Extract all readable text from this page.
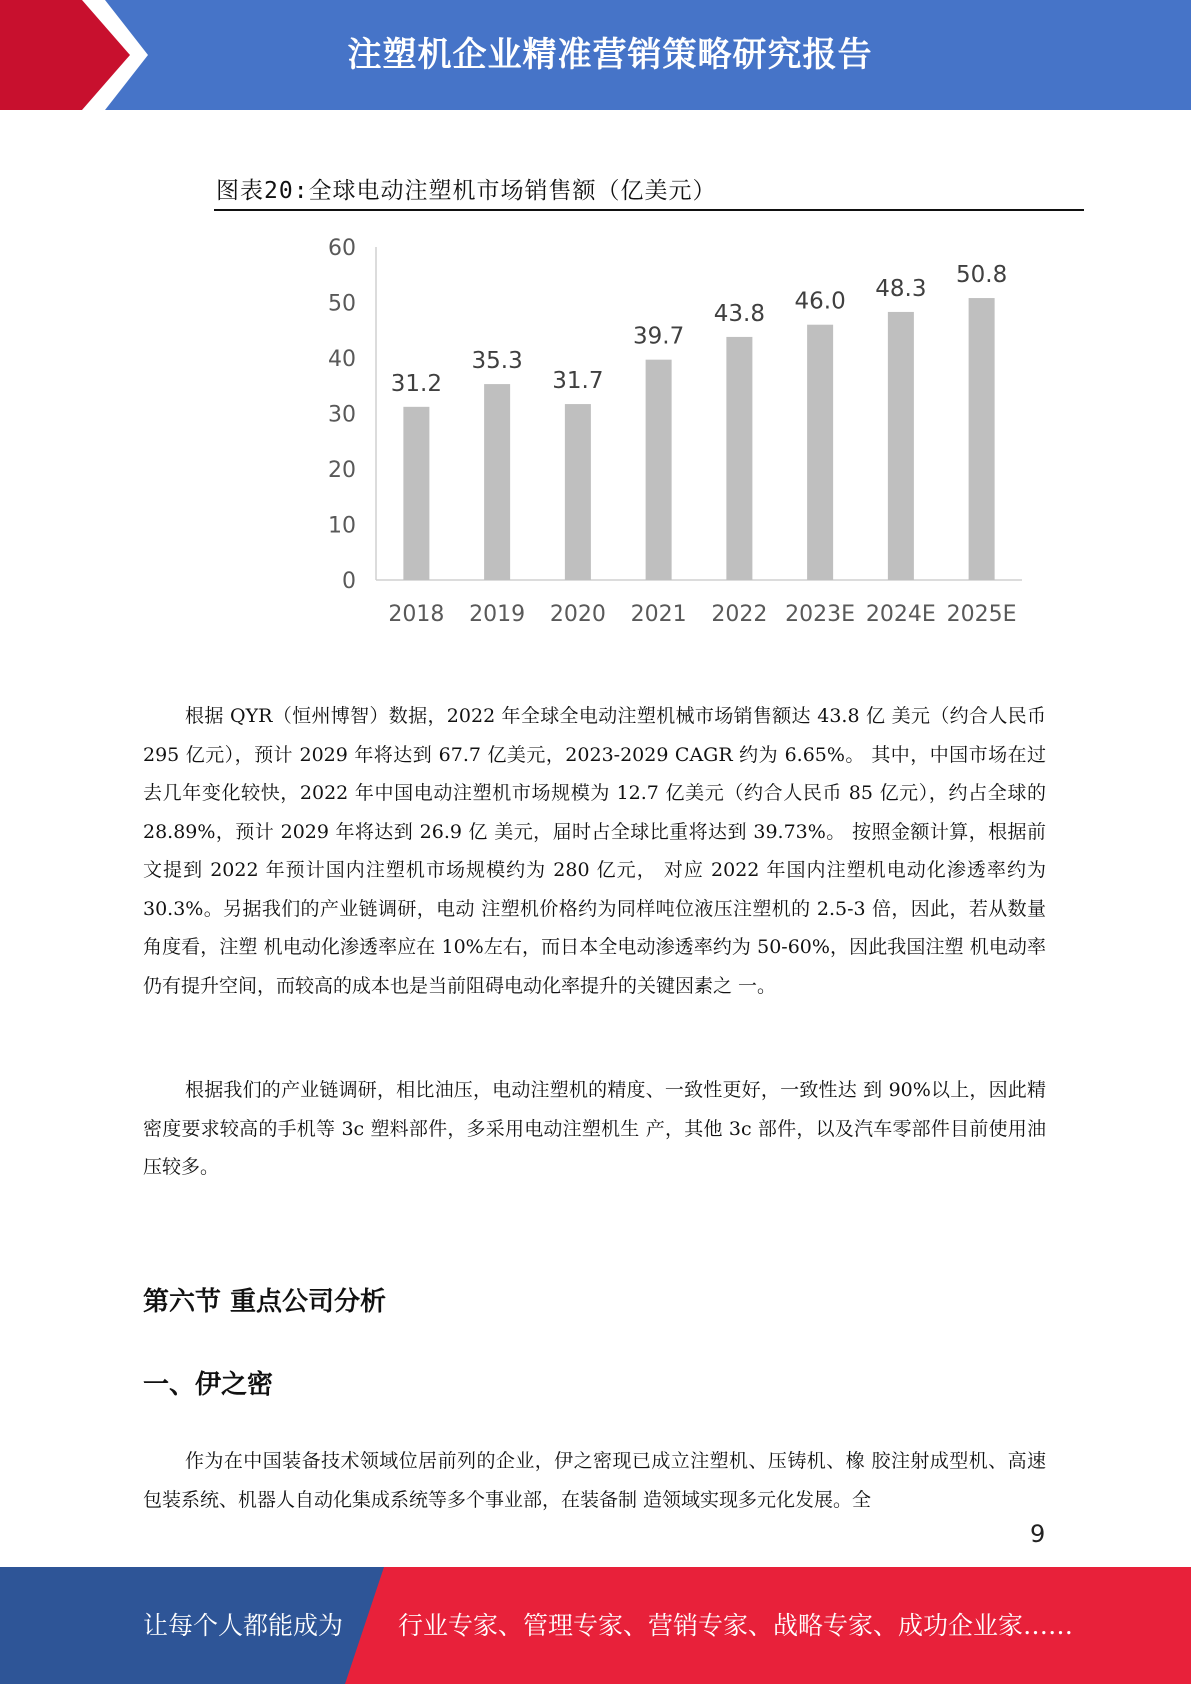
注塑机企业精准营销策略研究报告
图表20:全球电动注塑机市场销售额（亿美元）
0
10
20
30
40
50
60
31.2
2018
35.3
2019
31.7
2020
39.7
2021
43.8
2022
46.0
2023E
48.3
2024E
50.8
2025E

根据 QYR（恒州博智）数据，2022 年全球全电动注塑机械市场销售额达 43.8 亿 美元（约合人民币 295 亿元），预计 2029 年将达到 67.7 亿美元，2023-2029 CAGR 约为 6.65%。 其中，中国市场在过去几年变化较快，2022 年中国电动注塑机市场规模为 12.7 亿美元（约合人民币 85 亿元），约占全球的 28.89%，预计 2029 年将达到 26.9 亿 美元，届时占全球比重将达到 39.73%。 按照金额计算，根据前文提到 2022 年预计国内注塑机市场规模约为 280 亿元， 对应 2022 年国内注塑机电动化渗透率约为 30.3%。另据我们的产业链调研，电动 注塑机价格约为同样吨位液压注塑机的 2.5-3 倍，因此，若从数量角度看，注塑 机电动化渗透率应在 10%左右，而日本全电动渗透率约为 50-60%，因此我国注塑 机电动率仍有提升空间，而较高的成本也是当前阻碍电动化率提升的关键因素之 一。

根据我们的产业链调研，相比油压，电动注塑机的精度、一致性更好，一致性达 到 90%以上，因此精密度要求较高的手机等 3c 塑料部件，多采用电动注塑机生 产，其他 3c 部件，以及汽车零部件目前使用油压较多。

第六节 重点公司分析
一、伊之密

作为在中国装备技术领域位居前列的企业，伊之密现已成立注塑机、压铸机、橡 胶注射成型机、高速包装系统、机器人自动化集成系统等多个事业部，在装备制 造领域实现多元化发展。全

9
让每个人都能成为 行业专家、管理专家、营销专家、战略专家、成功企业家……
